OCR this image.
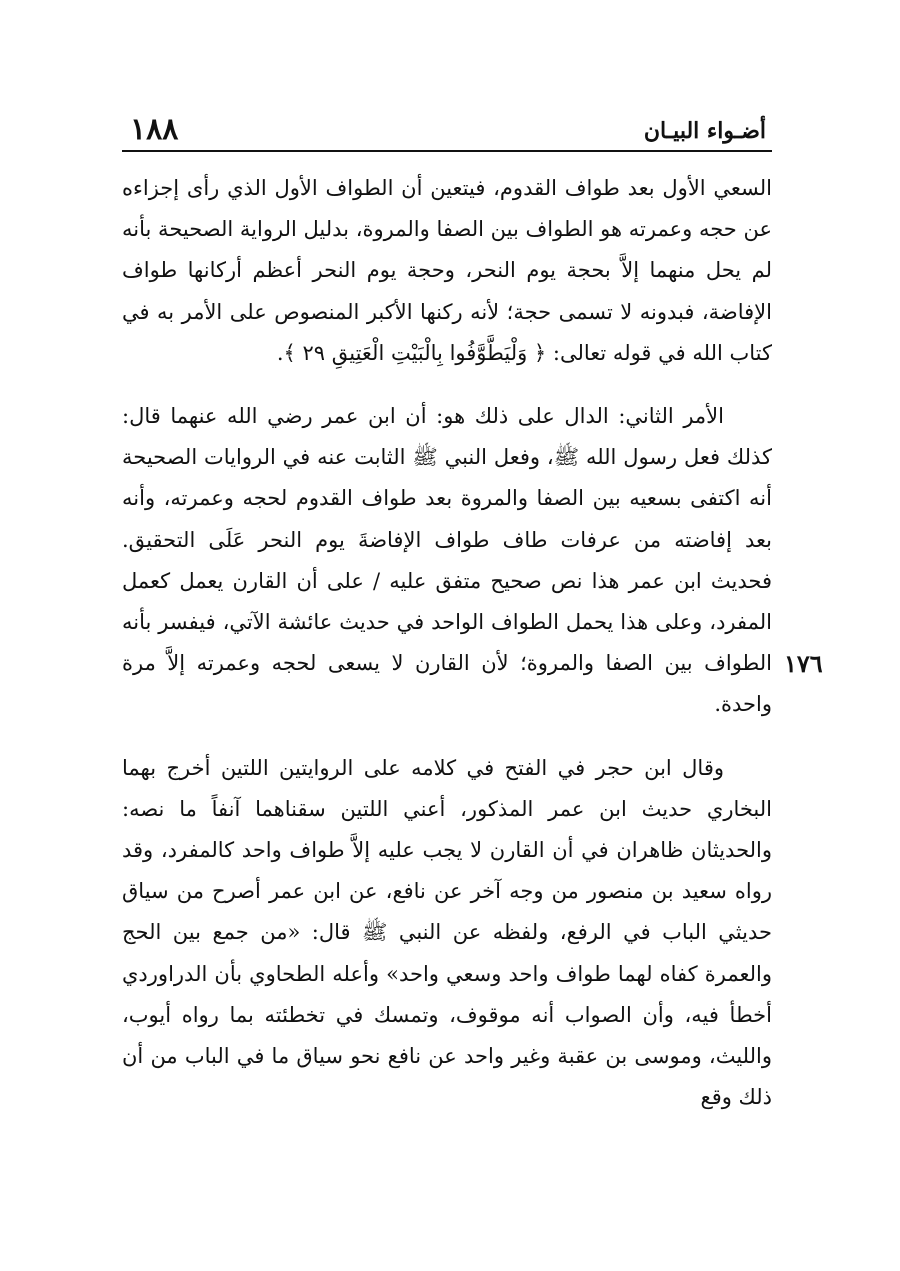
١٨٨	أضـواء البيـان
١٧٦

السعي الأول بعد طواف القدوم، فيتعين أن الطواف الأول الذي رأى إجزاءه عن حجه وعمرته هو الطواف بين الصفا والمروة، بدليل الرواية الصحيحة بأنه لم يحل منهما إلاَّ بحجة يوم النحر، وحجة يوم النحر أعظم أركانها طواف الإفاضة، فبدونه لا تسمى حجة؛ لأنه ركنها الأكبر المنصوص على الأمر به في كتاب الله في قوله تعالى: ﴿ وَلْيَطَّوَّفُوا بِالْبَيْتِ الْعَتِيقِ ٢٩ ﴾.

الأمر الثاني: الدال على ذلك هو: أن ابن عمر رضي الله عنهما قال: كذلك فعل رسول الله ﷺ، وفعل النبي ﷺ الثابت عنه في الروايات الصحيحة أنه اكتفى بسعيه بين الصفا والمروة بعد طواف القدوم لحجه وعمرته، وأنه بعد إفاضته من عرفات طاف طواف الإفاضةَ يوم النحر عَلَى التحقيق. فحديث ابن عمر هذا نص صحيح متفق عليه / على أن القارن يعمل كعمل المفرد، وعلى هذا يحمل الطواف الواحد في حديث عائشة الآتي، فيفسر بأنه الطواف بين الصفا والمروة؛ لأن القارن لا يسعى لحجه وعمرته إلاَّ مرة واحدة.

وقال ابن حجر في الفتح في كلامه على الروايتين اللتين أخرج بهما البخاري حديث ابن عمر المذكور، أعني اللتين سقناهما آنفاً ما نصه: والحديثان ظاهران في أن القارن لا يجب عليه إلاَّ طواف واحد كالمفرد، وقد رواه سعيد بن منصور من وجه آخر عن نافع، عن ابن عمر أصرح من سياق حديثي الباب في الرفع، ولفظه عن النبي ﷺ قال: «من جمع بين الحج والعمرة كفاه لهما طواف واحد وسعي واحد» وأعله الطحاوي بأن الدراوردي أخطأ فيه، وأن الصواب أنه موقوف، وتمسك في تخطئته بما رواه أيوب، والليث، وموسى بن عقبة وغير واحد عن نافع نحو سياق ما في الباب من أن ذلك وقع
